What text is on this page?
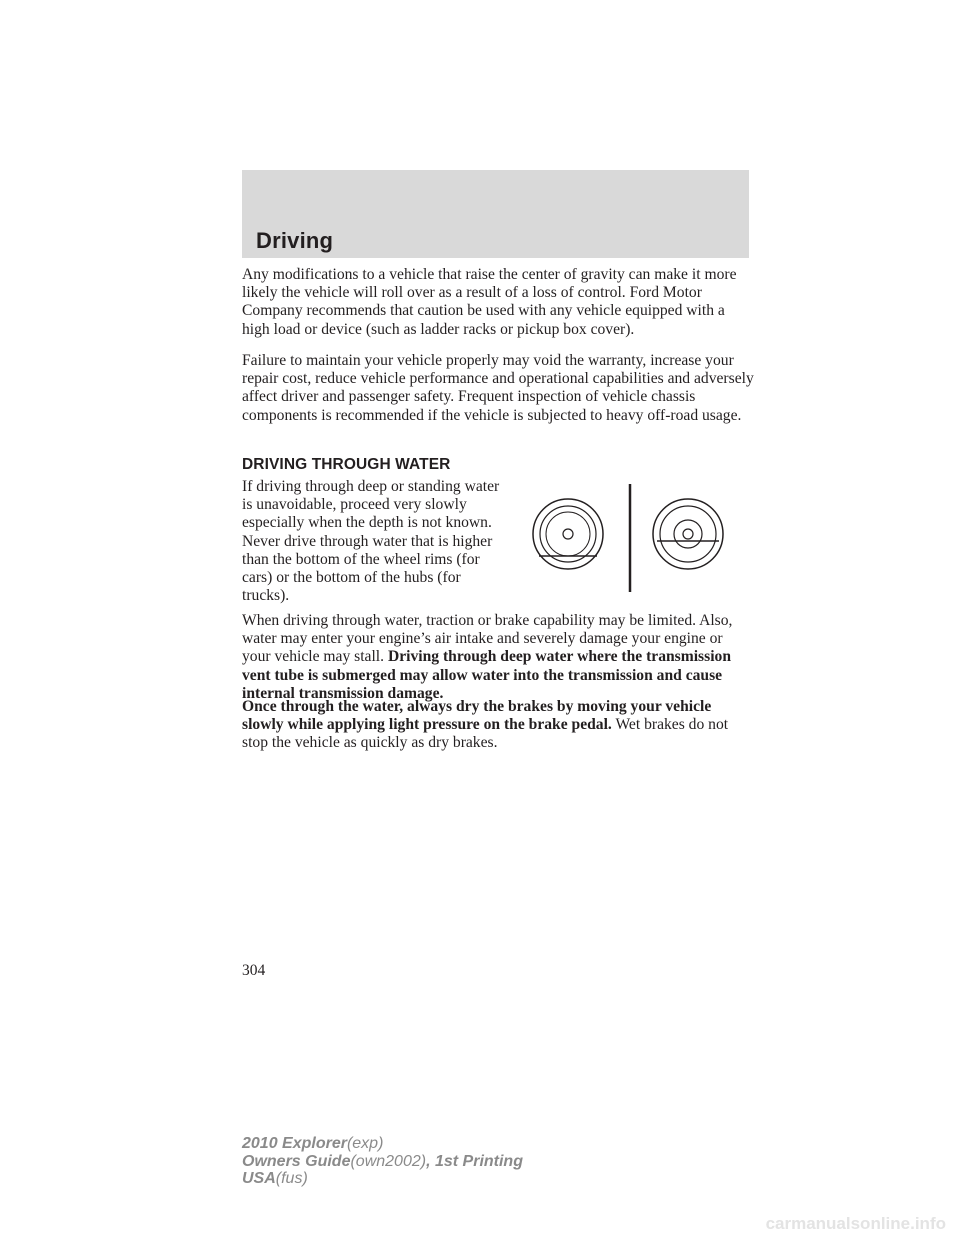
Driving

Any modifications to a vehicle that raise the center of gravity can make it more likely the vehicle will roll over as a result of a loss of control. Ford Motor Company recommends that caution be used with any vehicle equipped with a high load or device (such as ladder racks or pickup box cover).

Failure to maintain your vehicle properly may void the warranty, increase your repair cost, reduce vehicle performance and operational capabilities and adversely affect driver and passenger safety. Frequent inspection of vehicle chassis components is recommended if the vehicle is subjected to heavy off-road usage.

DRIVING THROUGH WATER

If driving through deep or standing water is unavoidable, proceed very slowly especially when the depth is not known. Never drive through water that is higher than the bottom of the wheel rims (for cars) or the bottom of the hubs (for trucks).

When driving through water, traction or brake capability may be limited. Also, water may enter your engine’s air intake and severely damage your engine or your vehicle may stall. Driving through deep water where the transmission vent tube is submerged may allow water into the transmission and cause internal transmission damage.

Once through the water, always dry the brakes by moving your vehicle slowly while applying light pressure on the brake pedal. Wet brakes do not stop the vehicle as quickly as dry brakes.

304
2010 Explorer(exp)
Owners Guide(own2002), 1st Printing
USA(fus)
carmanualsonline.info
